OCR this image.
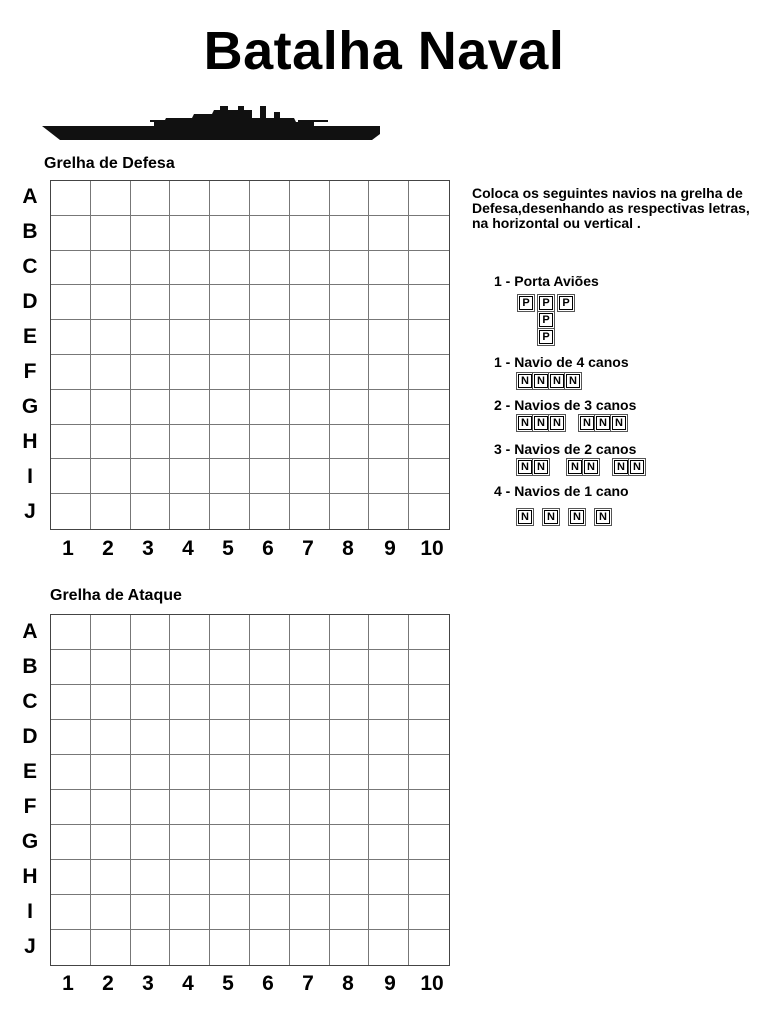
Batalha Naval
Grelha de Defesa
A
B
C
D
E
F
G
H
I
J
1	2	3	4	5	6	7	8	9	10
Coloca os seguintes navios na grelha de Defesa,desenhando as respectivas letras, na horizontal ou vertical .
1 - Porta Aviões
P	P	P
P
P
1 - Navio de 4 canos
N N N N
2 - Navios de 3 canos
N N N N N N
3 - Navios de 2 canos
N N N N N N
4 - Navios de 1 cano
N N N N
Grelha de Ataque
A
B
C
D
E
F
G
H
I
J
1	2	3	4	5	6	7	8	9	10
